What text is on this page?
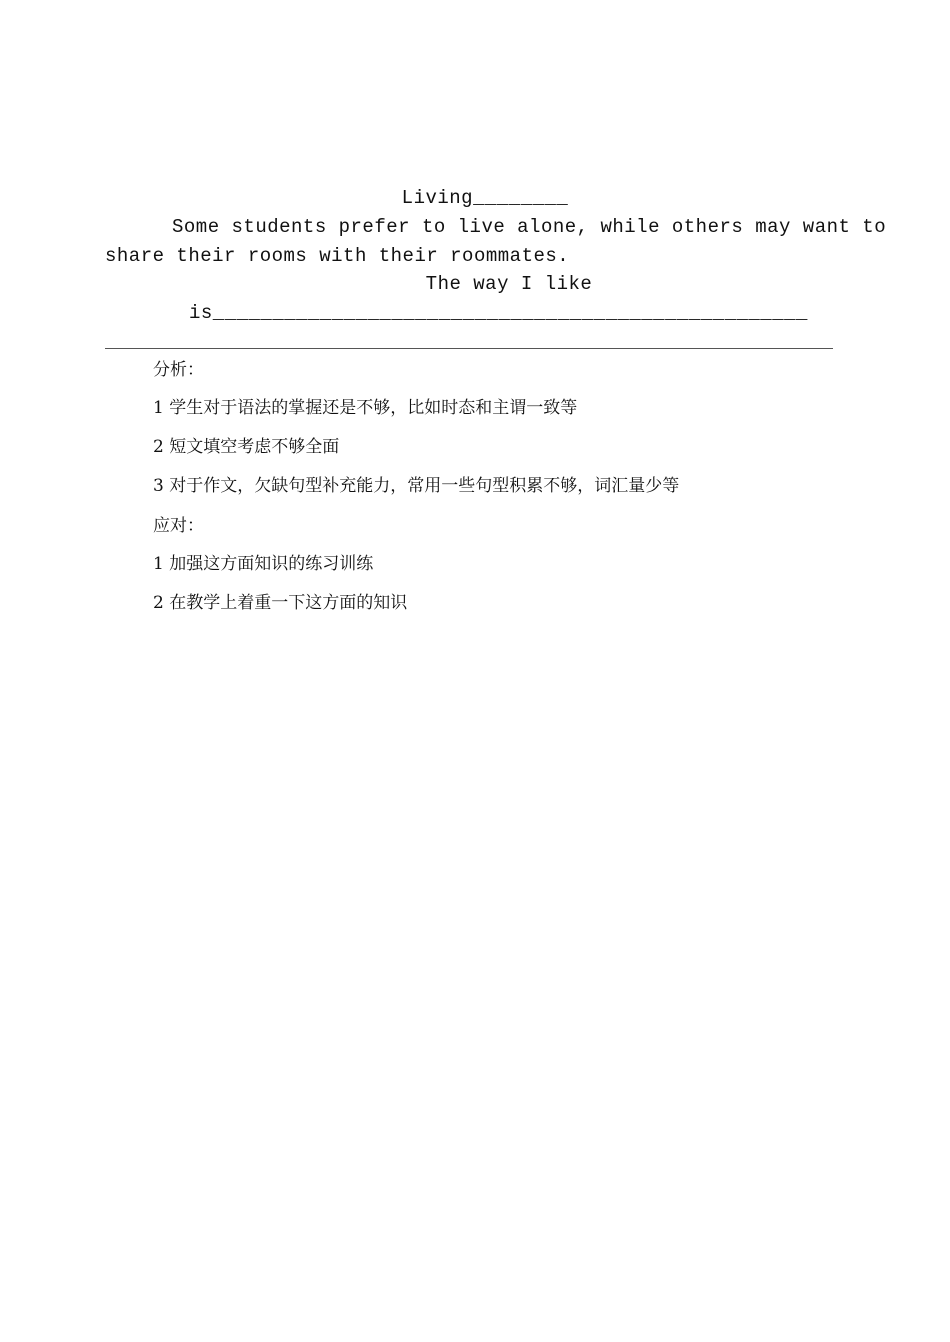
Living________
Some students prefer to live alone, while others may want to
share their rooms with their roommates.
The way I like
is__________________________________________________
分析：
1 学生对于语法的掌握还是不够，比如时态和主谓一致等
2 短文填空考虑不够全面
3 对于作文，欠缺句型补充能力，常用一些句型积累不够，词汇量少等
应对：
1 加强这方面知识的练习训练
2 在教学上着重一下这方面的知识
